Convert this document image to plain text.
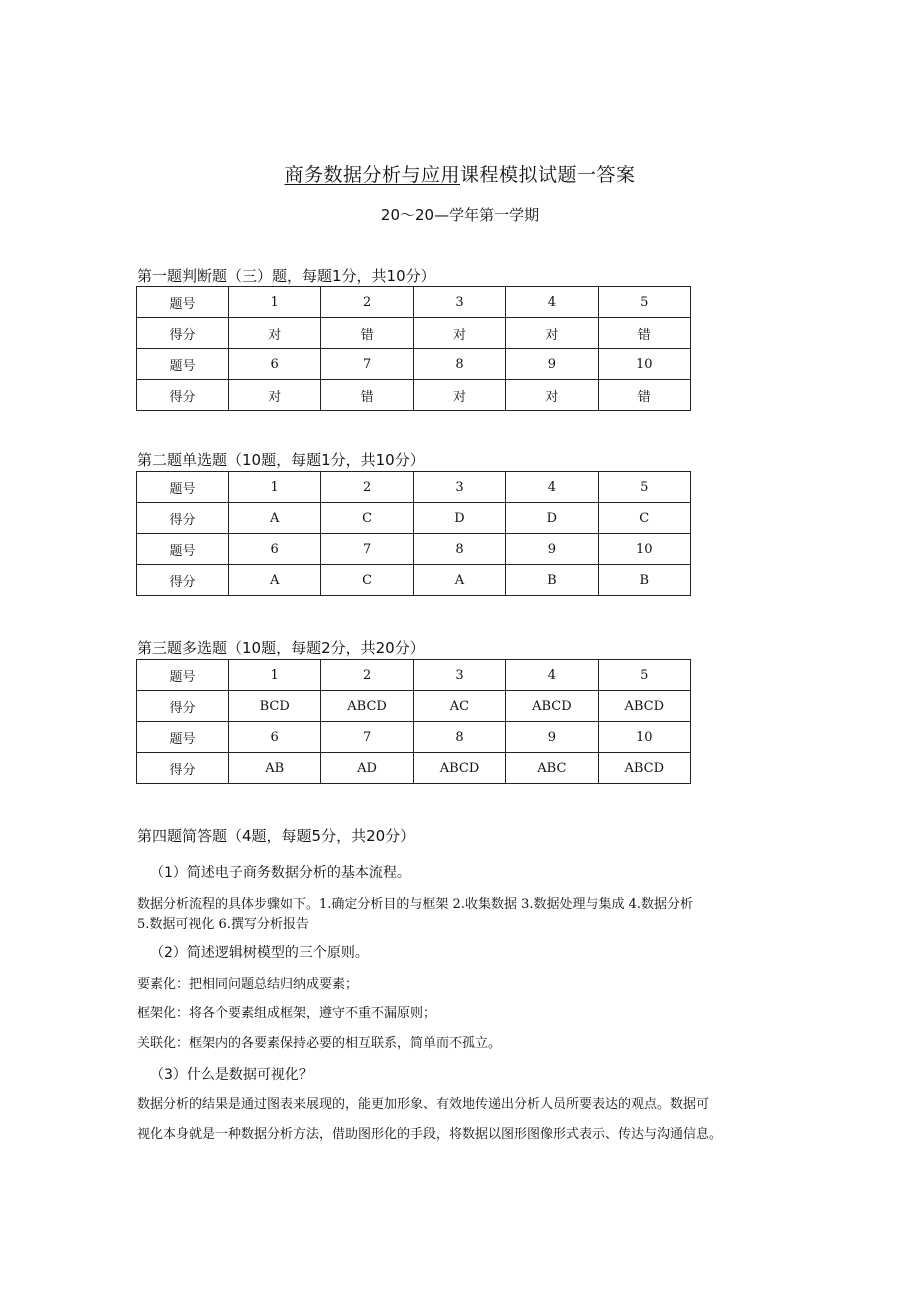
商务数据分析与应用课程模拟试题一答案
20～20—学年第一学期
第一题判断题（三）题，每题1分，共10分）
题号	1	2	3	4	5
得分	对	错	对	对	错
题号	6	7	8	9	10
得分	对	错	对	对	错
第二题单选题（10题，每题1分，共10分）
题号	1	2	3	4	5
得分	A	C	D	D	C
题号	6	7	8	9	10
得分	A	C	A	B	B
第三题多选题（10题，每题2分，共20分）
题号	1	2	3	4	5
得分	BCD	ABCD	AC	ABCD	ABCD
题号	6	7	8	9	10
得分	AB	AD	ABCD	ABC	ABCD
第四题简答题（4题，每题5分，共20分）
（1）简述电子商务数据分析的基本流程。
数据分析流程的具体步骤如下。1.确定分析目的与框架 2.收集数据 3.数据处理与集成 4.数据分析
5.数据可视化 6.撰写分析报告
（2）简述逻辑树模型的三个原则。
要素化：把相同问题总结归纳成要素；
框架化：将各个要素组成框架，遵守不重不漏原则；
关联化：框架内的各要素保持必要的相互联系，简单而不孤立。
（3）什么是数据可视化？
数据分析的结果是通过图表来展现的，能更加形象、有效地传递出分析人员所要表达的观点。数据可
视化本身就是一种数据分析方法，借助图形化的手段，将数据以图形图像形式表示、传达与沟通信息。
